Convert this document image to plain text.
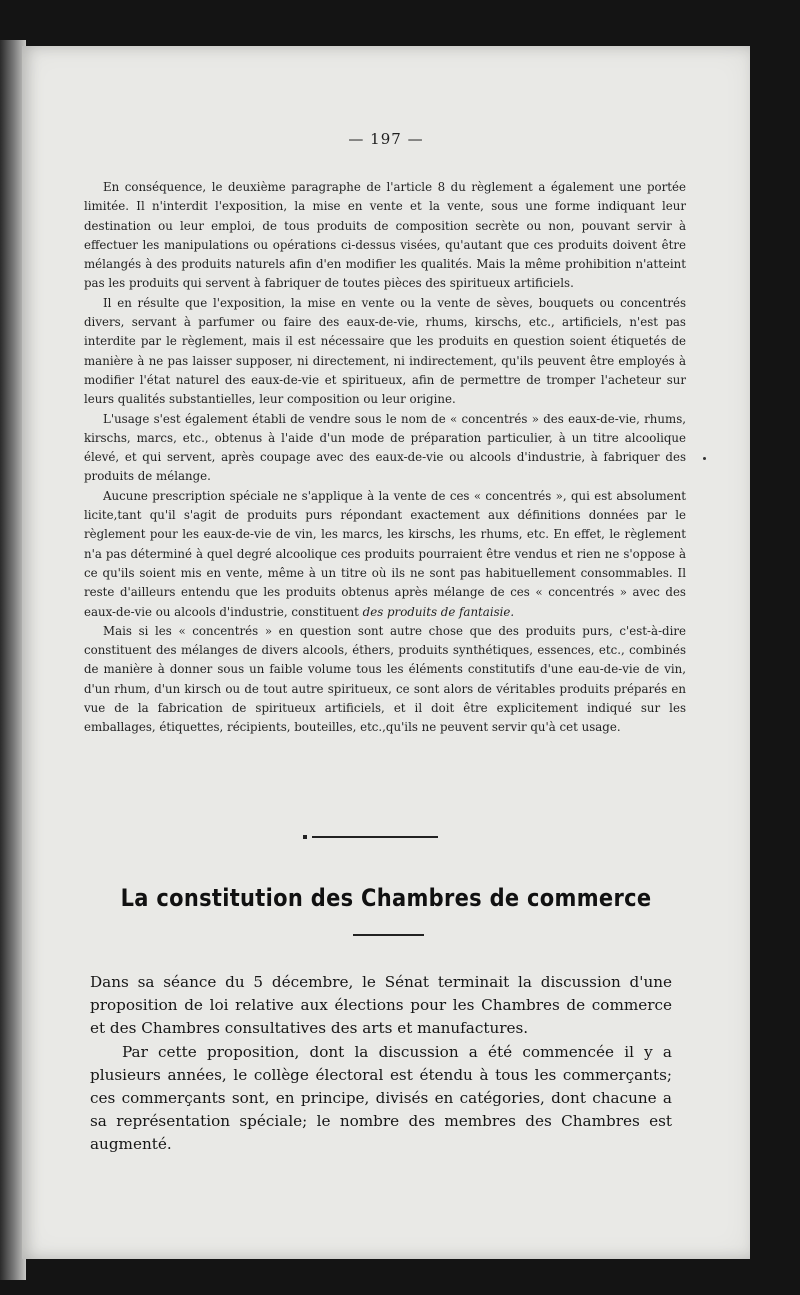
— 197 —

En conséquence, le deuxième paragraphe de l'article 8 du règlement a également une portée limitée. Il n'interdit l'exposition, la mise en vente et la vente, sous une forme indiquant leur destination ou leur emploi, de tous produits de composition secrète ou non, pouvant servir à effectuer les manipulations ou opérations ci-dessus visées, qu'autant que ces produits doivent être mélangés à des produits naturels afin d'en modifier les qualités. Mais la même prohibition n'atteint pas les produits qui servent à fabriquer de toutes pièces des spiritueux artificiels.

Il en résulte que l'exposition, la mise en vente ou la vente de sèves, bouquets ou concentrés divers, servant à parfumer ou faire des eaux-de-vie, rhums, kirschs, etc., artificiels, n'est pas interdite par le règlement, mais il est nécessaire que les produits en question soient étiquetés de manière à ne pas laisser supposer, ni directement, ni indirectement, qu'ils peuvent être employés à modifier l'état naturel des eaux-de-vie et spiritueux, afin de permettre de tromper l'acheteur sur leurs qualités substantielles, leur composition ou leur origine.

L'usage s'est également établi de vendre sous le nom de « concentrés » des eaux-de-vie, rhums, kirschs, marcs, etc., obtenus à l'aide d'un mode de préparation particulier, à un titre alcoolique élevé, et qui servent, après coupage avec des eaux-de-vie ou alcools d'industrie, à fabriquer des produits de mélange.

Aucune prescription spéciale ne s'applique à la vente de ces « concentrés », qui est absolument licite,tant qu'il s'agit de produits purs répondant exactement aux définitions données par le règlement pour les eaux-de-vie de vin, les marcs, les kirschs, les rhums, etc. En effet, le règlement n'a pas déterminé à quel degré alcoolique ces produits pourraient être vendus et rien ne s'oppose à ce qu'ils soient mis en vente, même à un titre où ils ne sont pas habituellement consommables. Il reste d'ailleurs entendu que les produits obtenus après mélange de ces « concentrés » avec des eaux-de-vie ou alcools d'industrie, constituent des produits de fantaisie.

Mais si les « concentrés » en question sont autre chose que des produits purs, c'est-à-dire constituent des mélanges de divers alcools, éthers, produits synthétiques, essences, etc., combinés de manière à donner sous un faible volume tous les éléments constitutifs d'une eau-de-vie de vin, d'un rhum, d'un kirsch ou de tout autre spiritueux, ce sont alors de véritables produits préparés en vue de la fabrication de spiritueux artificiels, et il doit être explicitement indiqué sur les emballages, étiquettes, récipients, bouteilles, etc.,qu'ils ne peuvent servir qu'à cet usage.

La constitution des Chambres de commerce

Dans sa séance du 5 décembre, le Sénat terminait la discussion d'une proposition de loi relative aux élections pour les Chambres de commerce et des Chambres consultatives des arts et manufactures.

Par cette proposition, dont la discussion a été commencée il y a plusieurs années, le collège électoral est étendu à tous les commerçants; ces commerçants sont, en principe, divisés en catégories, dont chacune a sa représentation spéciale; le nombre des membres des Chambres est augmenté.
